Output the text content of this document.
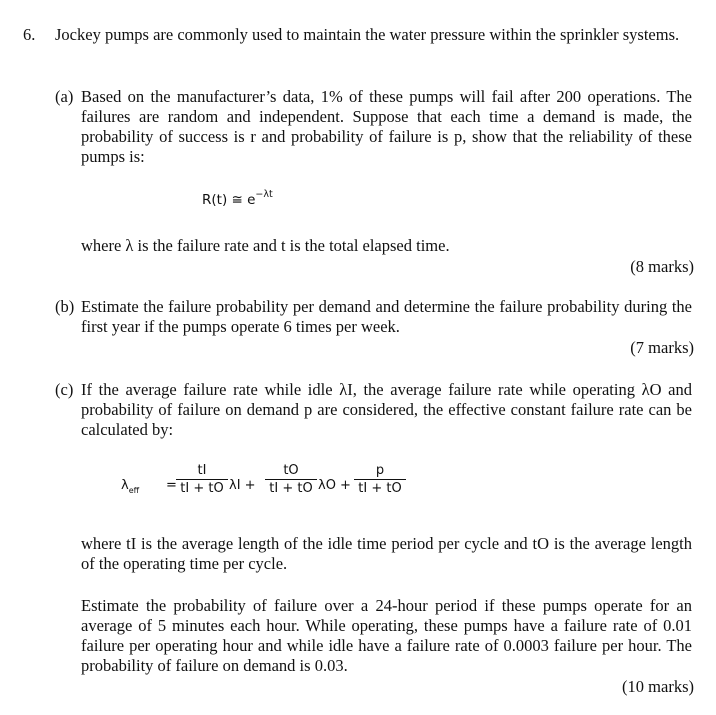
6. Jockey pumps are commonly used to maintain the water pressure within the sprinkler systems.
(a) Based on the manufacturer’s data, 1% of these pumps will fail after 200 operations. The failures are random and independent. Suppose that each time a demand is made, the probability of success is r and probability of failure is p, show that the reliability of these pumps is:
R(t) ≅ $e^{-\lambda t}$
where λ is the failure rate and t is the total elapsed time.
(8 marks)
(b) Estimate the failure probability per demand and determine the failure probability during the first year if the pumps operate 6 times per week.
(7 marks)
(c) If the average failure rate while idle λI, the average failure rate while operating λO and probability of failure on demand p are considered, the effective constant failure rate can be calculated by:
$\lambda_{eff}$ =
tI
tI + tO λI +
tO
tI + tO λO +
p
tI + tO
where tI is the average length of the idle time period per cycle and tO is the average length of the operating time per cycle.
Estimate the probability of failure over a 24-hour period if these pumps operate for an average of 5 minutes each hour. While operating, these pumps have a failure rate of 0.01 failure per operating hour and while idle have a failure rate of 0.0003 failure per hour. The probability of failure on demand is 0.03.
(10 marks)
